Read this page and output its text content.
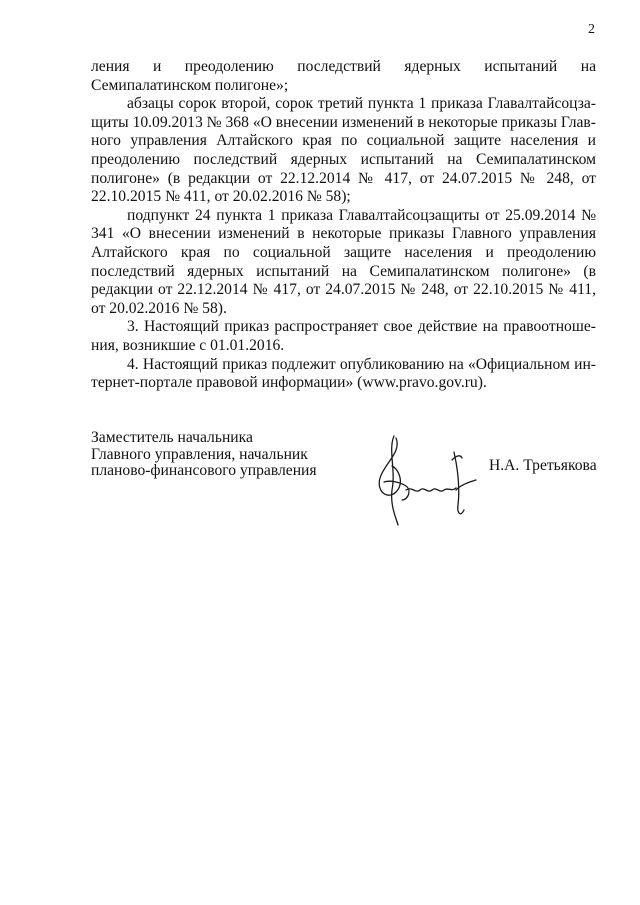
2

ления и преодолению последствий ядерных испытаний на Семипалатинском полигоне»;

абзацы сорок второй, сорок третий пункта 1 приказа Главалтайсоцзащиты 10.09.2013 № 368 «О внесении изменений в некоторые приказы Главного управления Алтайского края по социальной защите населения и преодолению последствий ядерных испытаний на Семипалатинском полигоне» (в редакции от 22.12.2014 № 417, от 24.07.2015 № 248, от 22.10.2015 № 411, от 20.02.2016 № 58);

подпункт 24 пункта 1 приказа Главалтайсоцзащиты от 25.09.2014 № 341 «О внесении изменений в некоторые приказы Главного управления Алтайского края по социальной защите населения и преодолению последствий ядерных испытаний на Семипалатинском полигоне» (в редакции от 22.12.2014 № 417, от 24.07.2015 № 248, от 22.10.2015 № 411, от 20.02.2016 № 58).

3. Настоящий приказ распространяет свое действие на правоотношения, возникшие с 01.01.2016.

4. Настоящий приказ подлежит опубликованию на «Официальном интернет-портале правовой информации» (www.pravo.gov.ru).

Заместитель начальника
Главного управления, начальник
планово-финансового управления	Н.А. Третьякова
